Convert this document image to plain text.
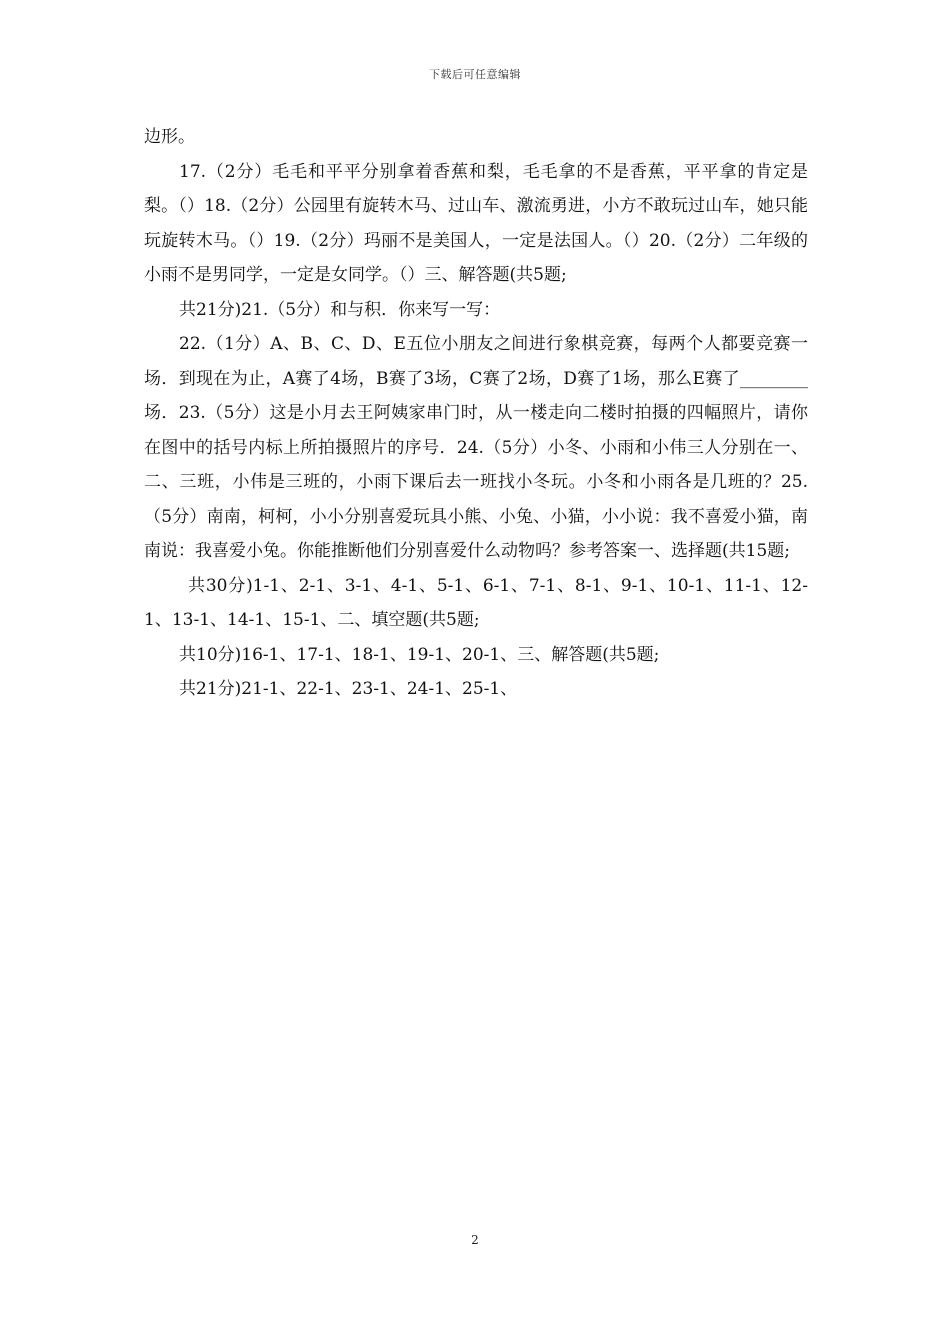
下载后可任意编辑

边形。

17.（2分）毛毛和平平分别拿着香蕉和梨，毛毛拿的不是香蕉，平平拿的肯定是梨。（）18.（2分）公园里有旋转木马、过山车、激流勇进，小方不敢玩过山车，她只能玩旋转木马。（）19.（2分）玛丽不是美国人，一定是法国人。（）20.（2分）二年级的小雨不是男同学，一定是女同学。（）三、解答题(共5题;

共21分)21.（5分）和与积．你来写一写：

22.（1分）A、B、C、D、E五位小朋友之间进行象棋竞赛，每两个人都要竞赛一场．到现在为止，A赛了4场，B赛了3场，C赛了2场，D赛了1场，那么E赛了________场．23.（5分）这是小月去王阿姨家串门时，从一楼走向二楼时拍摄的四幅照片，请你在图中的括号内标上所拍摄照片的序号．24.（5分）小冬、小雨和小伟三人分别在一、二、三班，小伟是三班的，小雨下课后去一班找小冬玩。小冬和小雨各是几班的？25.（5分）南南，柯柯，小小分别喜爱玩具小熊、小兔、小猫，小小说：我不喜爱小猫，南南说：我喜爱小兔。你能推断他们分别喜爱什么动物吗？参考答案一、选择题(共15题;

共30分)1-1、2-1、3-1、4-1、5-1、6-1、7-1、8-1、9-1、10-1、11-1、12-1、13-1、14-1、15-1、二、填空题(共5题;

共10分)16-1、17-1、18-1、19-1、20-1、三、解答题(共5题;

共21分)21-1、22-1、23-1、24-1、25-1、

2
